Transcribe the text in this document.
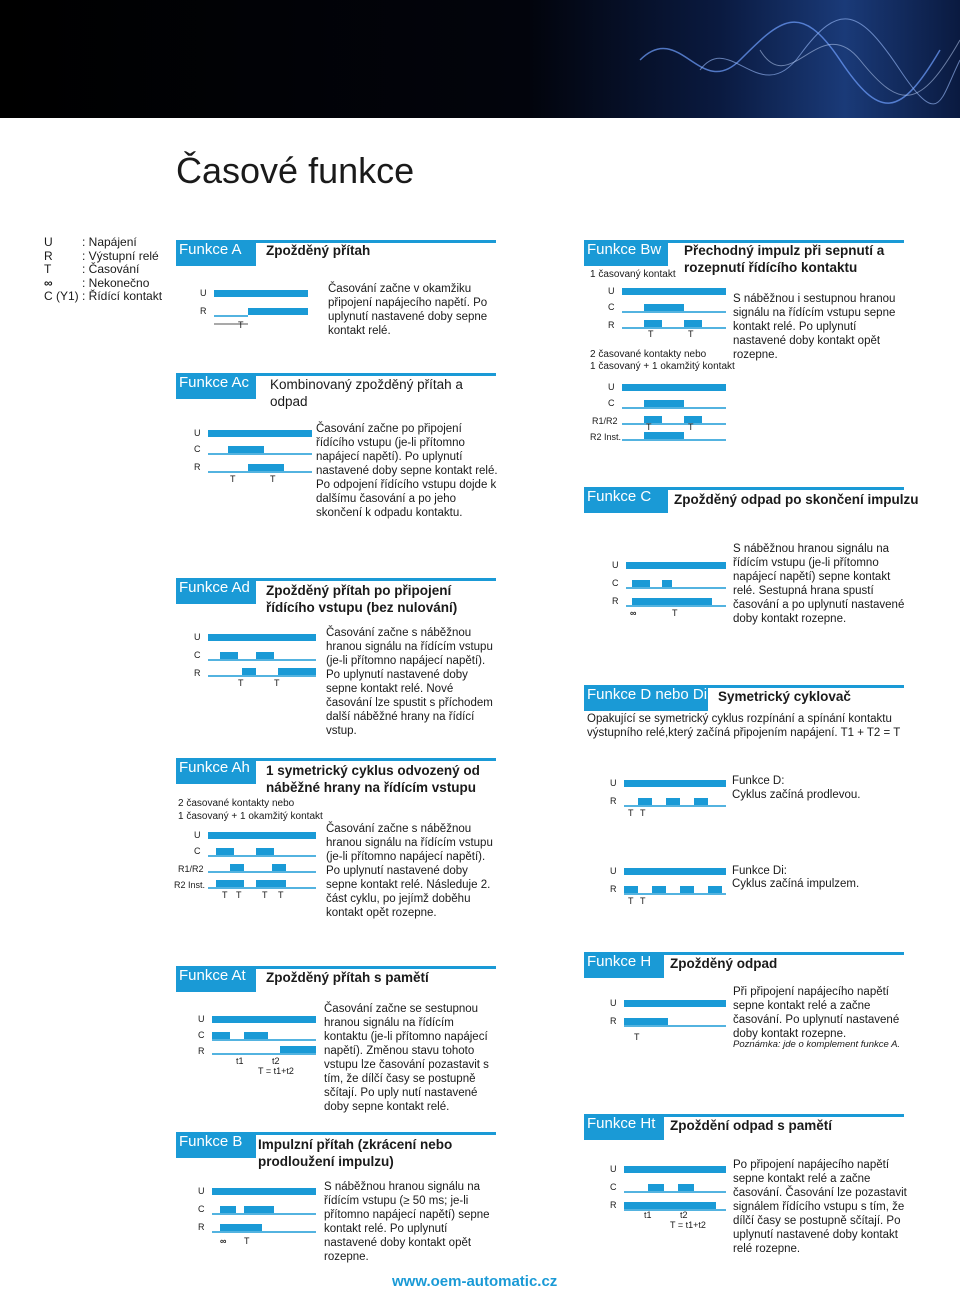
Časové funkce
U	: Napájení
R	: Výstupní relé
T	: Časování
∞	: Nekonečno
C (Y1) : Řídící kontakt
Funkce A	Zpožděný přítah
U
R
T
Časování začne v okamžiku připojení napájecího napětí. Po uplynutí nastavené doby sepne kontakt relé.
Funkce Ac	Kombinovaný zpožděný přítah a odpad
U
C
R
T	T
Časování začne po připojení řídícího vstupu (je-li přítomno napájecí napětí). Po uplynutí nastavené doby sepne kontakt relé. Po odpojení řídícího vstupu dojde k dalšímu časování a po jeho skončení k odpadu kontaktu.
Funkce Bw	Přechodný impulz při sepnutí a rozepnutí řídícího kontaktu
1 časovaný kontakt
U
C
R
T	T
S náběžnou i sestupnou hranou signálu na řídícím vstupu sepne kontakt relé. Po uplynutí nastavené doby kontakt opět rozepne.
2 časované kontakty nebo
1 časovaný + 1 okamžitý kontakt
U
C
R1/R2
R2 Inst.
T	T
Funkce C	Zpožděný odpad po skončení impulzu
U
C
R
∞	T
S náběžnou hranou signálu na řídícím vstupu (je-li přítomno napájecí napětí) sepne kontakt relé. Sestupná hrana spustí časování a po uplynutí nastavené doby kontakt rozepne.
Funkce Ad	Zpožděný přítah po připojení řídícího vstupu (bez nulování)
U
C
R
T	T
Časování začne s náběžnou hranou signálu na řídícím vstupu (je-li přítomno napájecí napětí). Po uplynutí nastavené doby sepne kontakt relé. Nové časování lze spustit s příchodem další náběžné hrany na řídící vstup.
Funkce D nebo Di Symetrický cyklovač
Opakující se symetrický cyklus rozpínání a spínání kontaktu výstupního relé,který začíná připojením napájení. T1 + T2 = T
U
R
T T
Funkce D:
Cyklus začíná prodlevou.
U
R
T T
Funkce Di:
Cyklus začíná impulzem.
Funkce Ah	1 symetrický cyklus odvozený od náběžné hrany na řídícím vstupu
2 časované kontakty nebo
1 časovaný + 1 okamžitý kontakt
U
C
R1/R2
R2 Inst.
T T T T
Časování začne s náběžnou hranou signálu na řídícím vstupu (je-li přítomno napájecí napětí). Po uplynutí nastavené doby sepne kontakt relé. Následuje 2. část cyklu, po jejímž doběhu kontakt opět rozepne.
Funkce At	Zpožděný přítah s pamětí
U
C
R
t1	t2
T = t1+t2
Časování začne se sestupnou hranou signálu na řídícím kontaktu (je-li přítomno napájecí napětí). Změnou stavu tohoto vstupu lze časování pozastavit s tím, že dílčí časy se postupně sčítají. Po uply nutí nastavené doby sepne kontakt relé.
Funkce H	Zpožděný odpad
U
R
T
Při připojení napájecího napětí sepne kontakt relé a začne časování. Po uplynutí nastavené doby kontakt rozepne.
Poznámka: jde o komplement funkce A.
Funkce B	Impulzní přítah (zkrácení nebo prodloužení impulzu)
U
C
R
∞ T
S náběžnou hranou signálu na řídícím vstupu (≥ 50 ms; je-li přítomno napájecí napětí) sepne kontakt relé. Po uplynutí nastavené doby kontakt opět rozepne.
Funkce Ht	Zpoždění odpad s pamětí
U
C
R
t1	t2
T = t1+t2
Po připojení napájecího napětí sepne kontakt relé a začne časování. Časování lze pozastavit signálem řídícího vstupu s tím, že dílčí časy se postupně sčítají. Po uplynutí nastavené doby kontakt relé rozepne.
www.oem-automatic.cz
